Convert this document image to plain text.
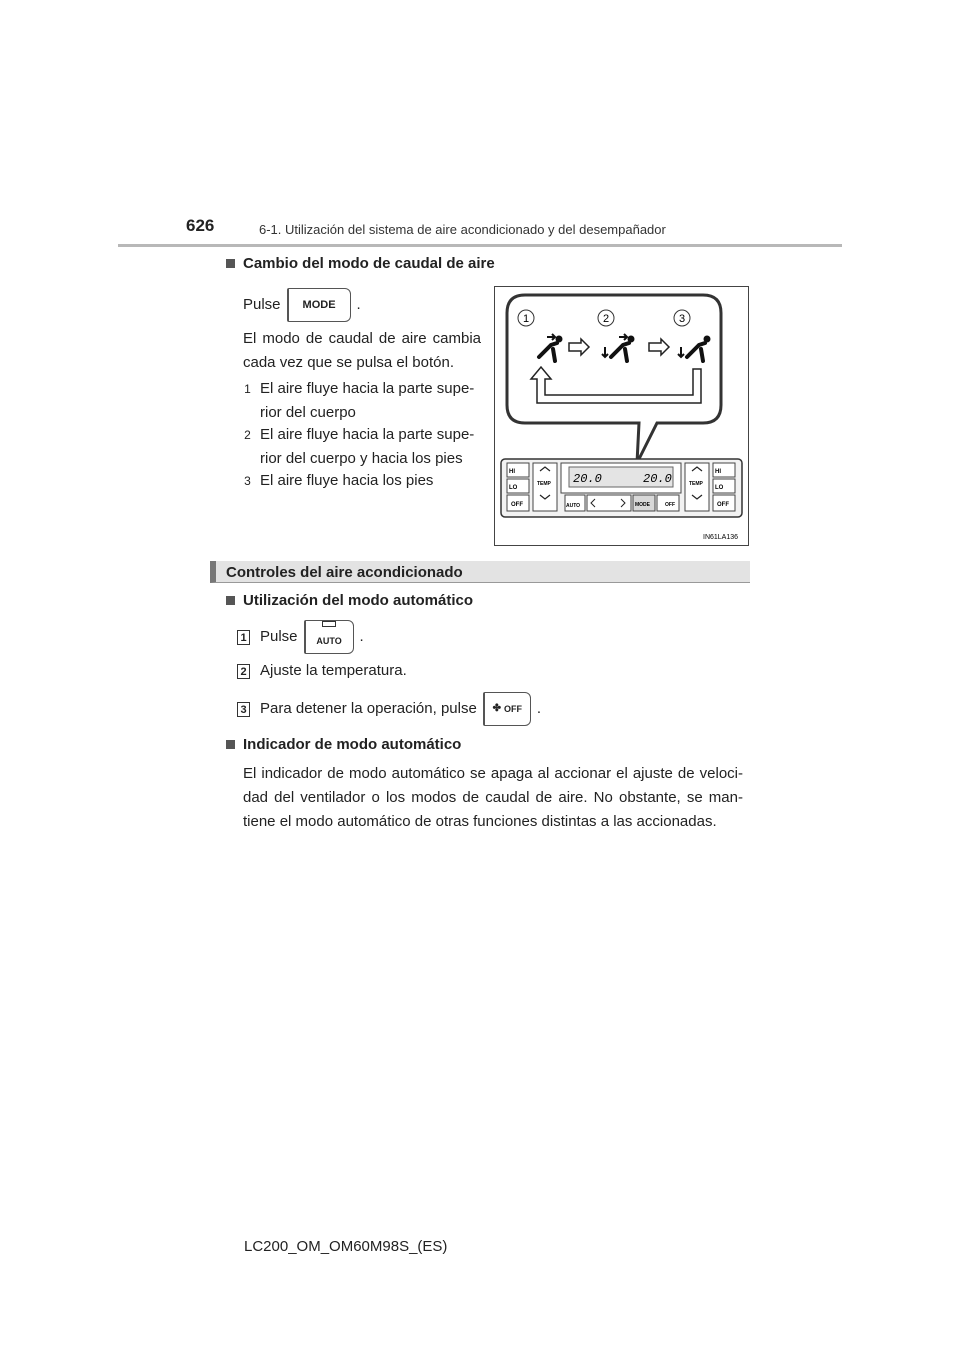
626	6-1. Utilización del sistema de aire acondicionado y del desempañador
Cambio del modo de caudal de aire
Pulse	MODE	.
El modo de caudal de aire cambia
cada vez que se pulsa el botón.
1 El aire fluye hacia la parte supe-
rior del cuerpo
2 El aire fluye hacia la parte supe-
rior del cuerpo y hacia los pies
3 El aire fluye hacia los pies
1	2	3
HI
LO
OFF
TEMP 20.0	20.0
AUTO	MODE	OFF
TEMP
HI
LO
OFF
IN61LA136
Controles del aire acondicionado
Utilización del modo automático
1 Pulse AUTO .
2 Ajuste la temperatura.
3 Para detener la operación, pulse ✤ OFF .
Indicador de modo automático
El indicador de modo automático se apaga al accionar el ajuste de veloci-
dad del ventilador o los modos de caudal de aire. No obstante, se man-
tiene el modo automático de otras funciones distintas a las accionadas.
LC200_OM_OM60M98S_(ES)
